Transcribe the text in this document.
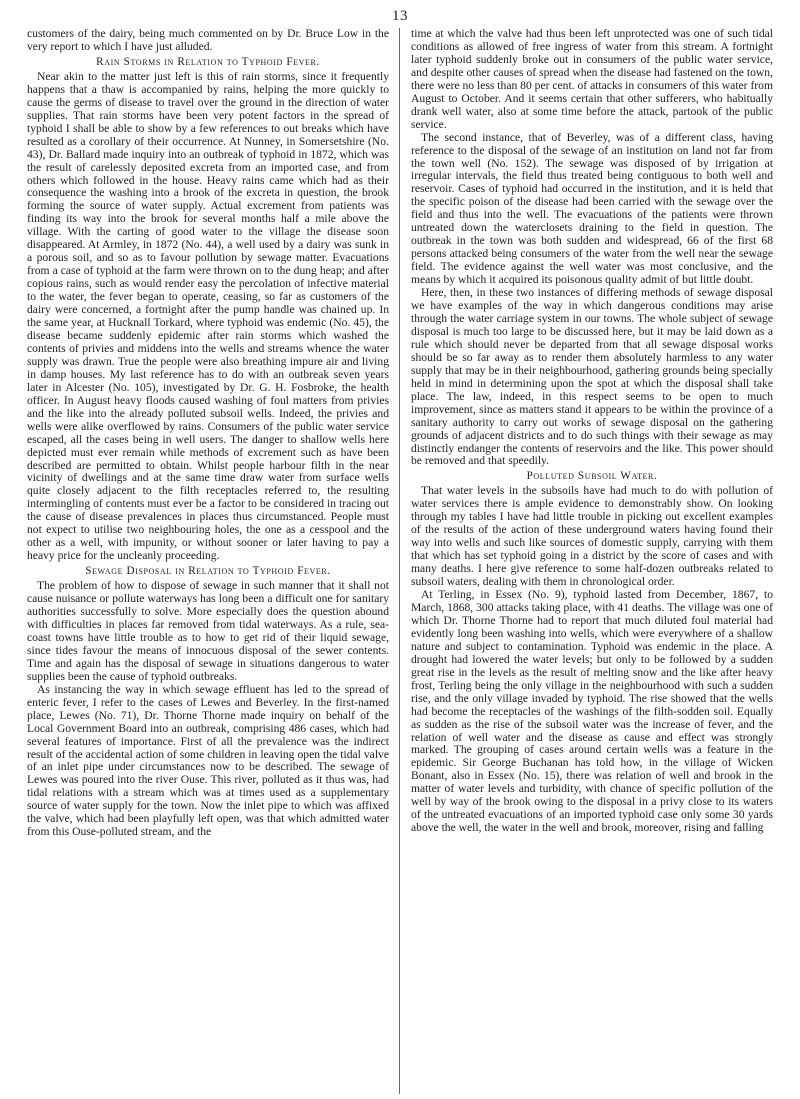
13

customers of the dairy, being much commented on by Dr. Bruce Low in the very report to which I have just alluded.

Rain Storms in Relation to Typhoid Fever.

Near akin to the matter just left is this of rain storms, since it frequently happens that a thaw is accompanied by rains, helping the more quickly to cause the germs of disease to travel over the ground in the direction of water supplies. That rain storms have been very potent factors in the spread of typhoid I shall be able to show by a few references to out breaks which have resulted as a corollary of their occurrence. At Nunney, in Somersetshire (No. 43), Dr. Ballard made inquiry into an outbreak of typhoid in 1872, which was the result of carelessly deposited excreta from an imported case, and from others which followed in the house. Heavy rains came which had as their consequence the washing into a brook of the excreta in question, the brook forming the source of water supply. Actual excrement from patients was finding its way into the brook for several months half a mile above the village. With the carting of good water to the village the disease soon disappeared. At Armley, in 1872 (No. 44), a well used by a dairy was sunk in a porous soil, and so as to favour pollution by sewage matter. Evacuations from a case of typhoid at the farm were thrown on to the dung heap; and after copious rains, such as would render easy the percolation of infective material to the water, the fever began to operate, ceasing, so far as customers of the dairy were concerned, a fortnight after the pump handle was chained up. In the same year, at Hucknall Torkard, where typhoid was endemic (No. 45), the disease became suddenly epidemic after rain storms which washed the contents of privies and middens into the wells and streams whence the water supply was drawn. True the people were also breathing impure air and living in damp houses. My last reference has to do with an outbreak seven years later in Alcester (No. 105), investigated by Dr. G. H. Fosbroke, the health officer. In August heavy floods caused washing of foul matters from privies and the like into the already polluted subsoil wells. Indeed, the privies and wells were alike overflowed by rains. Consumers of the public water service escaped, all the cases being in well users. The danger to shallow wells here depicted must ever remain while methods of excrement such as have been described are permitted to obtain. Whilst people harbour filth in the near vicinity of dwellings and at the same time draw water from surface wells quite closely adjacent to the filth receptacles referred to, the resulting intermingling of contents must ever be a factor to be considered in tracing out the cause of disease prevalences in places thus circumstanced. People must not expect to utilise two neighbouring holes, the one as a cesspool and the other as a well, with impunity, or without sooner or later having to pay a heavy price for the uncleanly proceeding.

Sewage Disposal in Relation to Typhoid Fever.

The problem of how to dispose of sewage in such manner that it shall not cause nuisance or pollute waterways has long been a difficult one for sanitary authorities successfully to solve. More especially does the question abound with difficulties in places far removed from tidal waterways. As a rule, sea-coast towns have little trouble as to how to get rid of their liquid sewage, since tides favour the means of innocuous disposal of the sewer contents. Time and again has the disposal of sewage in situations dangerous to water supplies been the cause of typhoid outbreaks.

As instancing the way in which sewage effluent has led to the spread of enteric fever, I refer to the cases of Lewes and Beverley. In the first-named place, Lewes (No. 71), Dr. Thorne Thorne made inquiry on behalf of the Local Government Board into an outbreak, comprising 486 cases, which had several features of importance. First of all the prevalence was the indirect result of the accidental action of some children in leaving open the tidal valve of an inlet pipe under circumstances now to be described. The sewage of Lewes was poured into the river Ouse. This river, polluted as it thus was, had tidal relations with a stream which was at times used as a supplementary source of water supply for the town. Now the inlet pipe to which was affixed the valve, which had been playfully left open, was that which admitted water from this Ouse-polluted stream, and the

time at which the valve had thus been left unprotected was one of such tidal conditions as allowed of free ingress of water from this stream. A fortnight later typhoid suddenly broke out in consumers of the public water service, and despite other causes of spread when the disease had fastened on the town, there were no less than 80 per cent. of attacks in consumers of this water from August to October. And it seems certain that other sufferers, who habitually drank well water, also at some time before the attack, partook of the public service.

The second instance, that of Beverley, was of a different class, having reference to the disposal of the sewage of an institution on land not far from the town well (No. 152). The sewage was disposed of by irrigation at irregular intervals, the field thus treated being contiguous to both well and reservoir. Cases of typhoid had occurred in the institution, and it is held that the specific poison of the disease had been carried with the sewage over the field and thus into the well. The evacuations of the patients were thrown untreated down the waterclosets draining to the field in question. The outbreak in the town was both sudden and widespread, 66 of the first 68 persons attacked being consumers of the water from the well near the sewage field. The evidence against the well water was most conclusive, and the means by which it acquired its poisonous quality admit of but little doubt.

Here, then, in these two instances of differing methods of sewage disposal we have examples of the way in which dangerous conditions may arise through the water carriage system in our towns. The whole subject of sewage disposal is much too large to be discussed here, but it may be laid down as a rule which should never be departed from that all sewage disposal works should be so far away as to render them absolutely harmless to any water supply that may be in their neighbourhood, gathering grounds being specially held in mind in determining upon the spot at which the disposal shall take place. The law, indeed, in this respect seems to be open to much improvement, since as matters stand it appears to be within the province of a sanitary authority to carry out works of sewage disposal on the gathering grounds of adjacent districts and to do such things with their sewage as may distinctly endanger the contents of reservoirs and the like. This power should be removed and that speedily.

Polluted Subsoil Water.

That water levels in the subsoils have had much to do with pollution of water services there is ample evidence to demonstrably show. On looking through my tables I have had little trouble in picking out excellent examples of the results of the action of these underground waters having found their way into wells and such like sources of domestic supply, carrying with them that which has set typhoid going in a district by the score of cases and with many deaths. I here give reference to some half-dozen outbreaks related to subsoil waters, dealing with them in chronological order.

At Terling, in Essex (No. 9), typhoid lasted from December, 1867, to March, 1868, 300 attacks taking place, with 41 deaths. The village was one of which Dr. Thorne Thorne had to report that much diluted foul material had evidently long been washing into wells, which were everywhere of a shallow nature and subject to contamination. Typhoid was endemic in the place. A drought had lowered the water levels; but only to be followed by a sudden great rise in the levels as the result of melting snow and the like after heavy frost, Terling being the only village in the neighbourhood with such a sudden rise, and the only village invaded by typhoid. The rise showed that the wells had become the receptacles of the washings of the filth-sodden soil. Equally as sudden as the rise of the subsoil water was the increase of fever, and the relation of well water and the disease as cause and effect was strongly marked. The grouping of cases around certain wells was a feature in the epidemic. Sir George Buchanan has told how, in the village of Wicken Bonant, also in Essex (No. 15), there was relation of well and brook in the matter of water levels and turbidity, with chance of specific pollution of the well by way of the brook owing to the disposal in a privy close to its waters of the untreated evacuations of an imported typhoid case only some 30 yards above the well, the water in the well and brook, moreover, rising and falling
